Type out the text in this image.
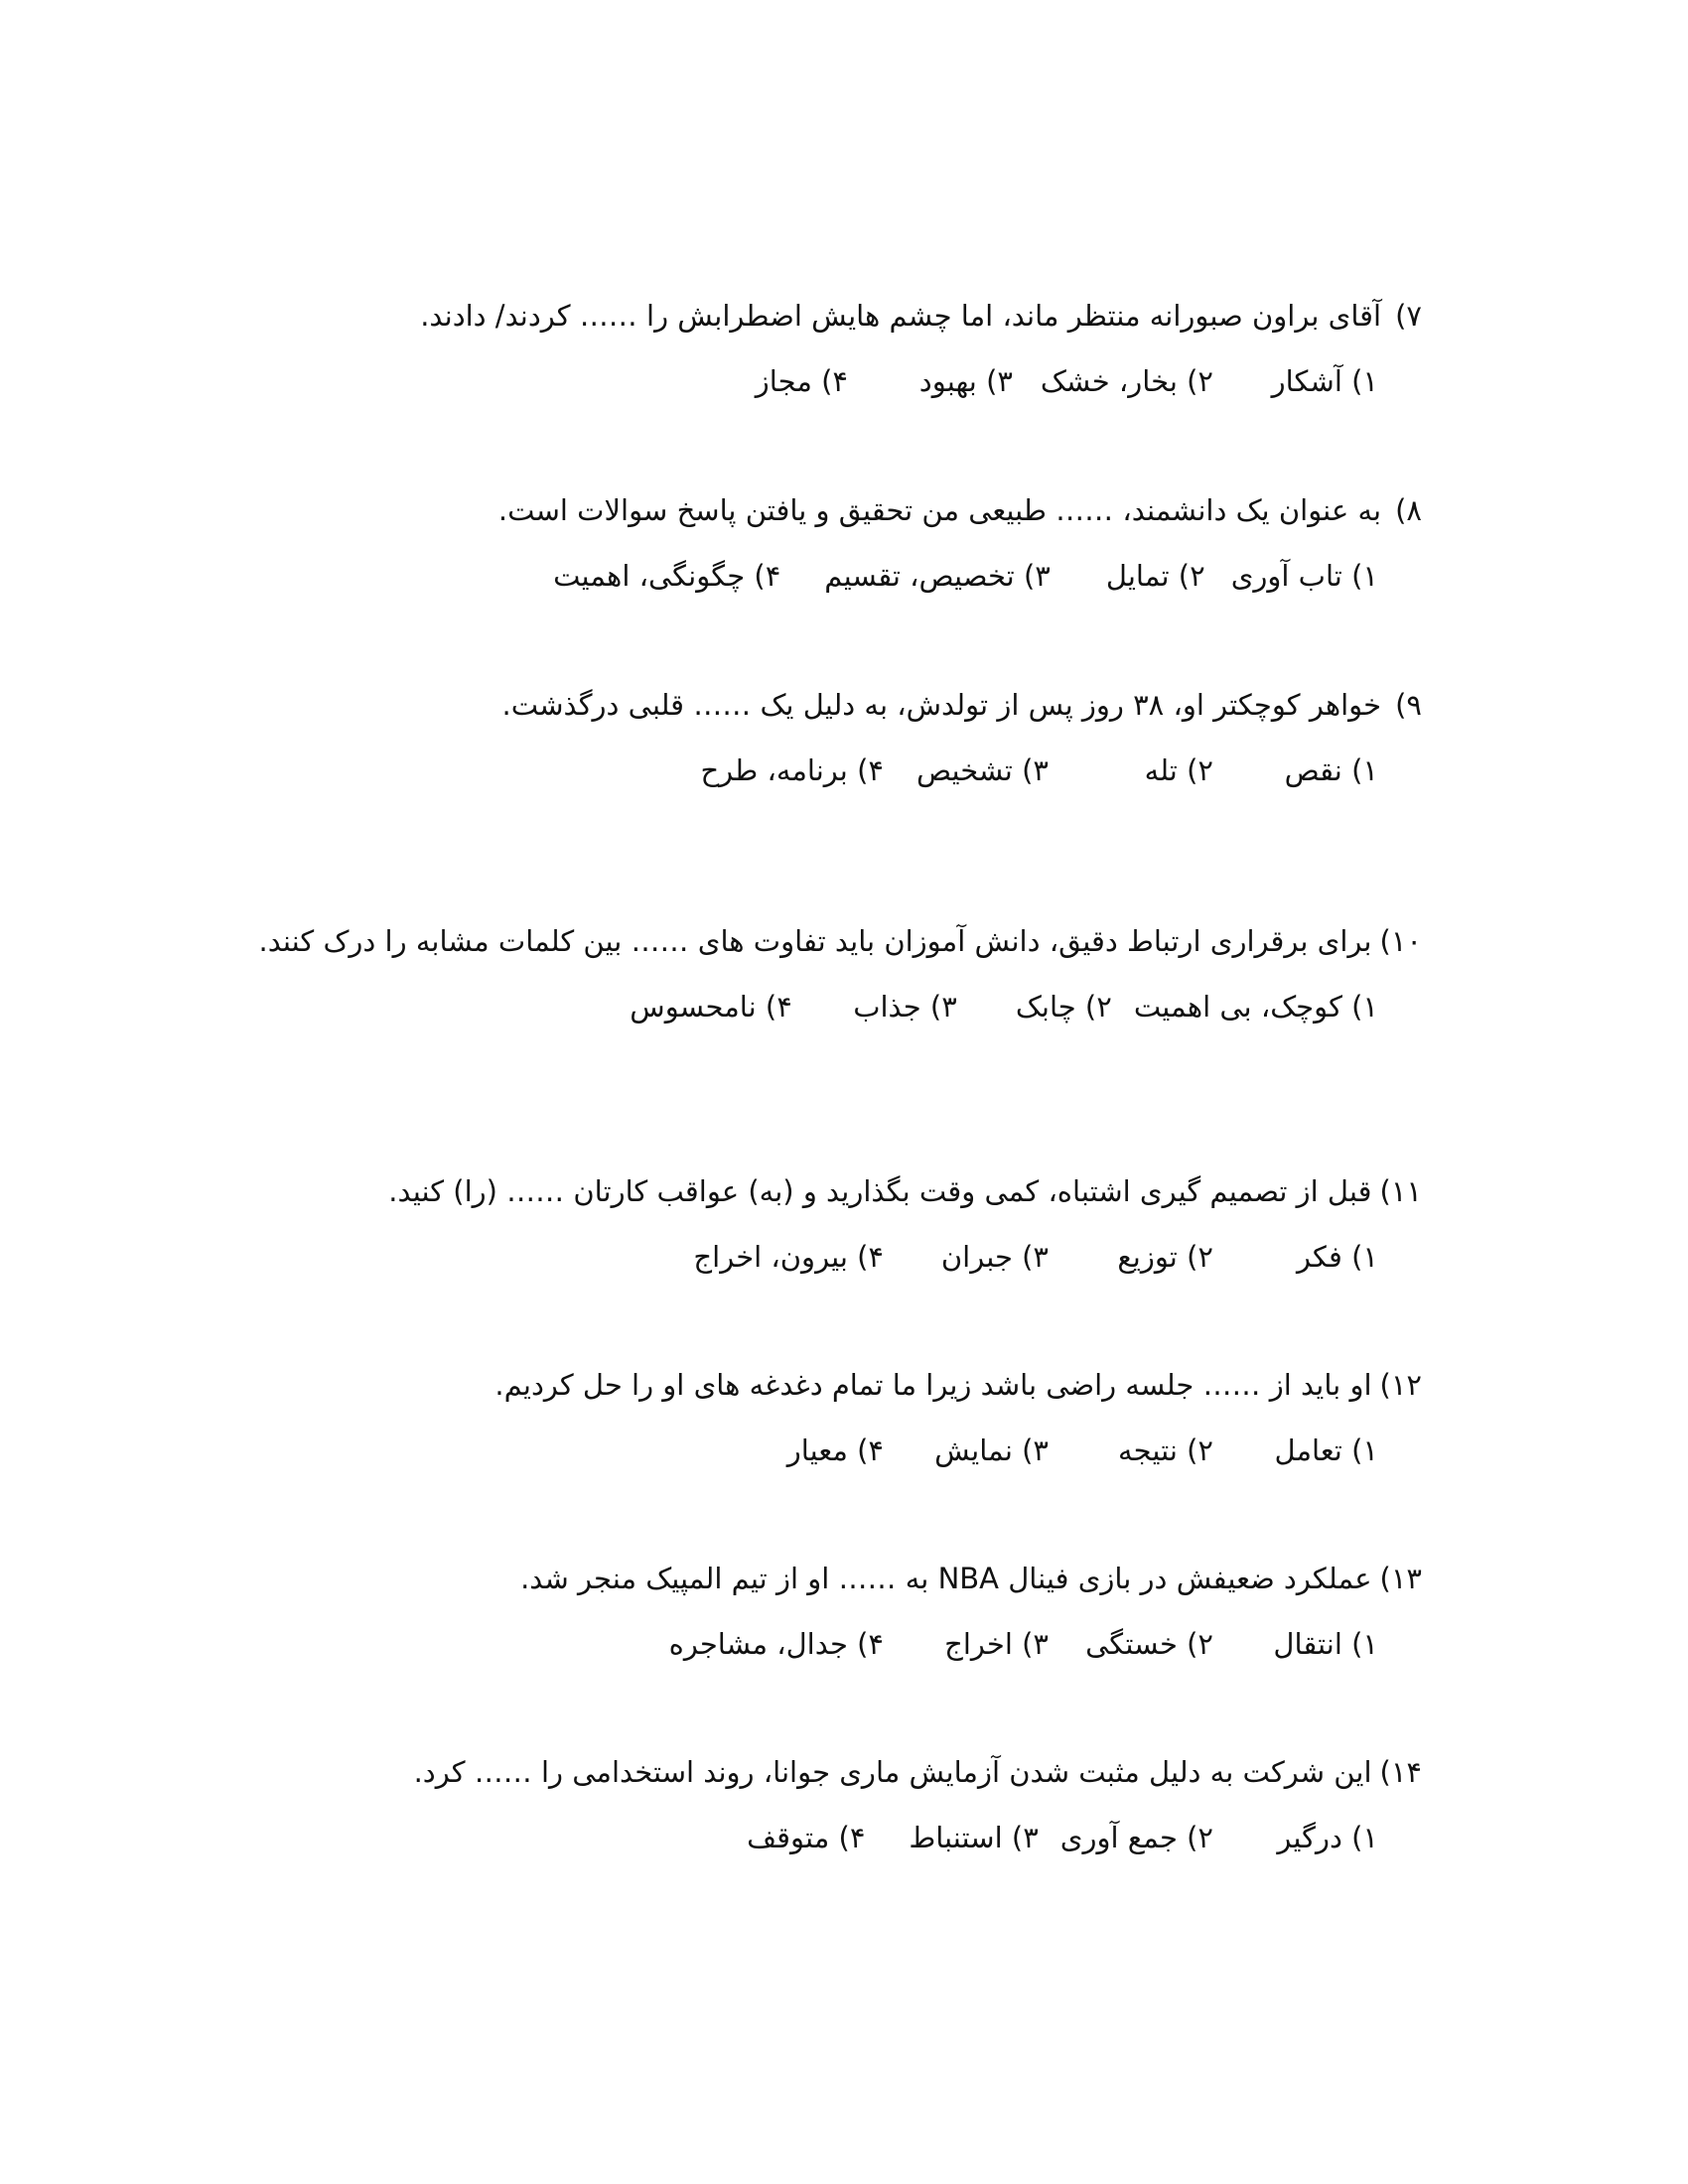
۷)
آقای براون صبورانه منتظر ماند، اما چشم هایش اضطرابش را …… کردند/ دادند.
۱) آشکار
۲) بخار، خشک
۳) بهبود
۴) مجاز
۸)
به عنوان یک دانشمند، …… طبیعی من تحقیق و یافتن پاسخ سوالات است.
۱) تاب آوری
۲) تمایل
۳) تخصیص، تقسیم
۴) چگونگی، اهمیت
۹)
خواهر کوچکتر او، ۳۸ روز پس از تولدش، به دلیل یک …… قلبی درگذشت.
۱) نقص
۲) تله
۳) تشخیص
۴) برنامه، طرح
۱۰)
برای برقراری ارتباط دقیق، دانش آموزان باید تفاوت های …… بین کلمات مشابه را درک کنند.
۱) کوچک، بی اهمیت
۲) چابک
۳) جذاب
۴) نامحسوس
۱۱)
قبل از تصمیم گیری اشتباه، کمی وقت بگذارید و (به) عواقب کارتان …… (را) کنید.
۱) فکر
۲) توزیع
۳) جبران
۴) بیرون، اخراج
۱۲)
او باید از …… جلسه راضی باشد زیرا ما تمام دغدغه های او را حل کردیم.
۱) تعامل
۲) نتیجه
۳) نمایش
۴) معیار
۱۳)
عملکرد ضعیفش در بازی فینال NBA به …… او از تیم المپیک منجر شد.
۱) انتقال
۲) خستگی
۳) اخراج
۴) جدال، مشاجره
۱۴)
این شرکت به دلیل مثبت شدن آزمایش ماری جوانا، روند استخدامی را …… کرد.
۱) درگیر
۲) جمع آوری
۳) استنباط
۴) متوقف
